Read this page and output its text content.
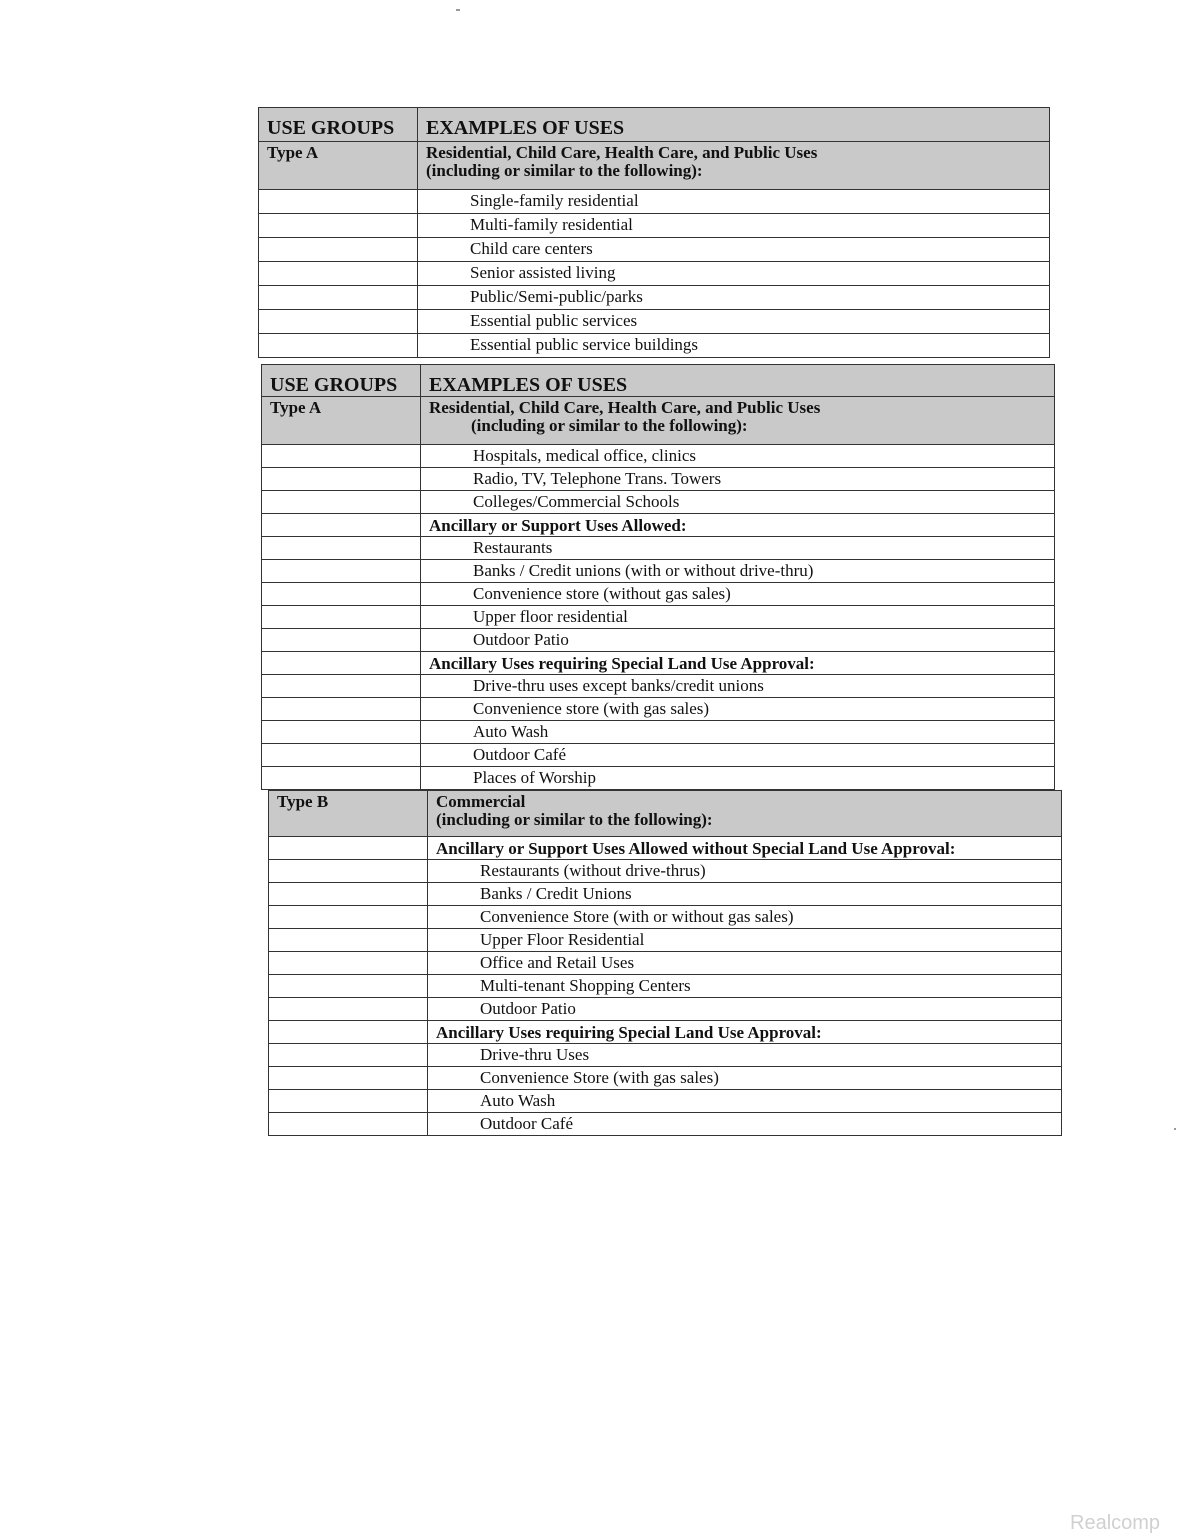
USE GROUPS	EXAMPLES OF USES
Type A	Residential, Child Care, Health Care, and Public Uses
(including or similar to the following):

	Single-family residential
	Multi-family residential
	Child care centers
	Senior assisted living
	Public/Semi-public/parks
	Essential public services
	Essential public service buildings
USE GROUPS	EXAMPLES OF USES
Type A	Residential, Child Care, Health Care, and Public Uses
(including or similar to the following):

	Hospitals, medical office, clinics
	Radio, TV, Telephone Trans. Towers
	Colleges/Commercial Schools
	Ancillary or Support Uses Allowed:
	Restaurants
	Banks / Credit unions (with or without drive-thru)
	Convenience store (without gas sales)
	Upper floor residential
	Outdoor Patio
	Ancillary Uses requiring Special Land Use Approval:
	Drive-thru uses except banks/credit unions
	Convenience store (with gas sales)
	Auto Wash
	Outdoor Café
	Places of Worship
Type B	Commercial
(including or similar to the following):

	Ancillary or Support Uses Allowed without Special Land Use Approval:
	Restaurants (without drive-thrus)
	Banks / Credit Unions
	Convenience Store (with or without gas sales)
	Upper Floor Residential
	Office and Retail Uses
	Multi-tenant Shopping Centers
	Outdoor Patio
	Ancillary Uses requiring Special Land Use Approval:
	Drive-thru Uses
	Convenience Store (with gas sales)
	Auto Wash
	Outdoor Café
Realcomp
